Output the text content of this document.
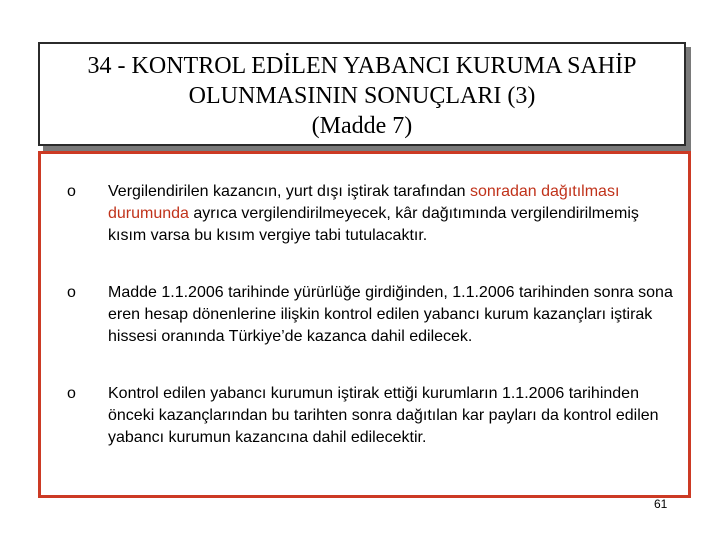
34 - KONTROL EDİLEN YABANCI KURUMA SAHİP
OLUNMASININ SONUÇLARI (3)
(Madde 7)
o Vergilendirilen kazancın, yurt dışı iştirak tarafından sonradan dağıtılması durumunda ayrıca vergilendirilmeyecek, kâr dağıtımında vergilendirilmemiş kısım varsa bu kısım vergiye tabi tutulacaktır.
o Madde 1.1.2006 tarihinde yürürlüğe girdiğinden, 1.1.2006 tarihinden sonra sona eren hesap dönenlerine ilişkin kontrol edilen yabancı kurum kazançları iştirak hissesi oranında Türkiye’de kazanca dahil edilecek.
o Kontrol edilen yabancı kurumun iştirak ettiği kurumların 1.1.2006 tarihinden önceki kazançlarından bu tarihten sonra dağıtılan kar payları da kontrol edilen yabancı kurumun kazancına dahil edilecektir.
61
